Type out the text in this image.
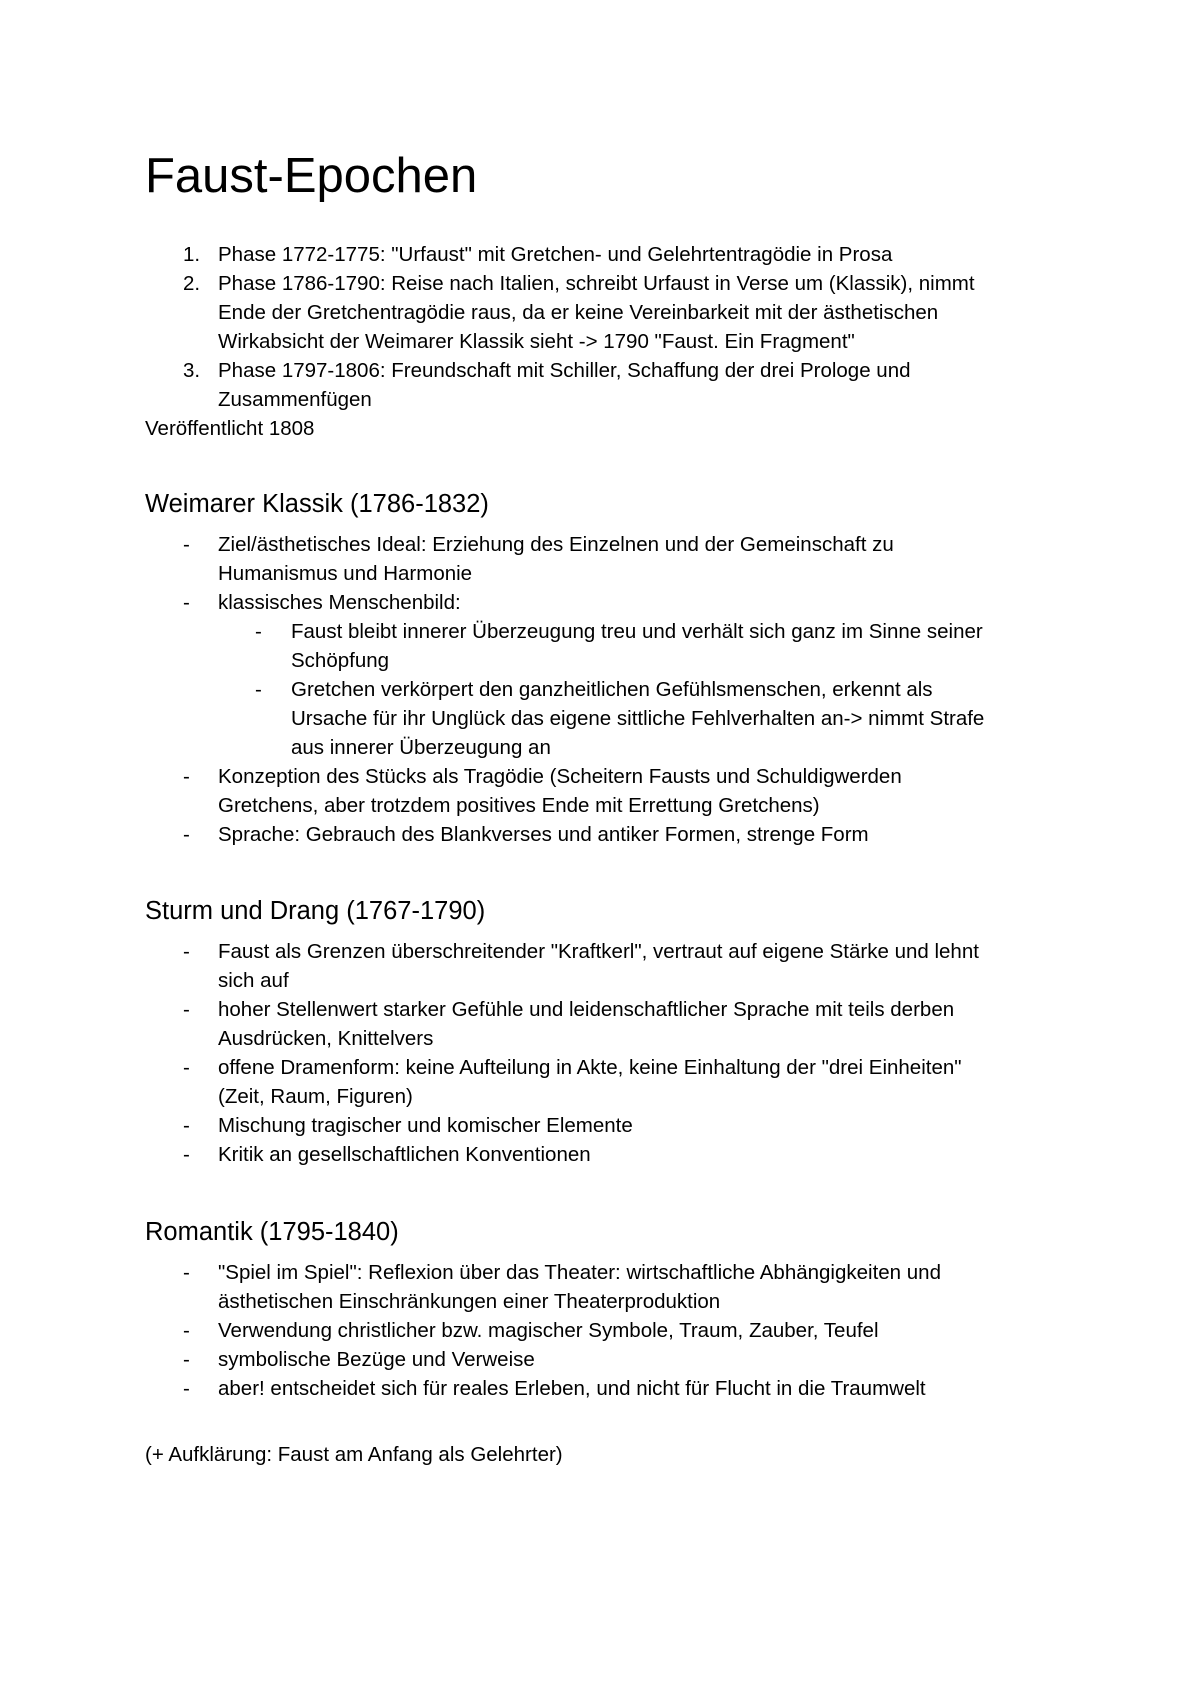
Faust-Epochen
1. Phase 1772-1775: "Urfaust" mit Gretchen- und Gelehrtentragödie in Prosa
2. Phase 1786-1790: Reise nach Italien, schreibt Urfaust in Verse um (Klassik), nimmt
Ende der Gretchentragödie raus, da er keine Vereinbarkeit mit der ästhetischen
Wirkabsicht der Weimarer Klassik sieht -> 1790 "Faust. Ein Fragment"
3. Phase 1797-1806: Freundschaft mit Schiller, Schaffung der drei Prologe und
Zusammenfügen
Veröffentlicht 1808
Weimarer Klassik (1786-1832)
- Ziel/ästhetisches Ideal: Erziehung des Einzelnen und der Gemeinschaft zu
Humanismus und Harmonie
- klassisches Menschenbild:
- Faust bleibt innerer Überzeugung treu und verhält sich ganz im Sinne seiner
Schöpfung
- Gretchen verkörpert den ganzheitlichen Gefühlsmenschen, erkennt als
Ursache für ihr Unglück das eigene sittliche Fehlverhalten an-> nimmt Strafe
aus innerer Überzeugung an
- Konzeption des Stücks als Tragödie (Scheitern Fausts und Schuldigwerden
Gretchens, aber trotzdem positives Ende mit Errettung Gretchens)
- Sprache: Gebrauch des Blankverses und antiker Formen, strenge Form
Sturm und Drang (1767-1790)
- Faust als Grenzen überschreitender "Kraftkerl", vertraut auf eigene Stärke und lehnt
sich auf
- hoher Stellenwert starker Gefühle und leidenschaftlicher Sprache mit teils derben
Ausdrücken, Knittelvers
- offene Dramenform: keine Aufteilung in Akte, keine Einhaltung der "drei Einheiten"
(Zeit, Raum, Figuren)
- Mischung tragischer und komischer Elemente
- Kritik an gesellschaftlichen Konventionen
Romantik (1795-1840)
- "Spiel im Spiel": Reflexion über das Theater: wirtschaftliche Abhängigkeiten und
ästhetischen Einschränkungen einer Theaterproduktion
- Verwendung christlicher bzw. magischer Symbole, Traum, Zauber, Teufel
- symbolische Bezüge und Verweise
- aber! entscheidet sich für reales Erleben, und nicht für Flucht in die Traumwelt
(+ Aufklärung: Faust am Anfang als Gelehrter)
